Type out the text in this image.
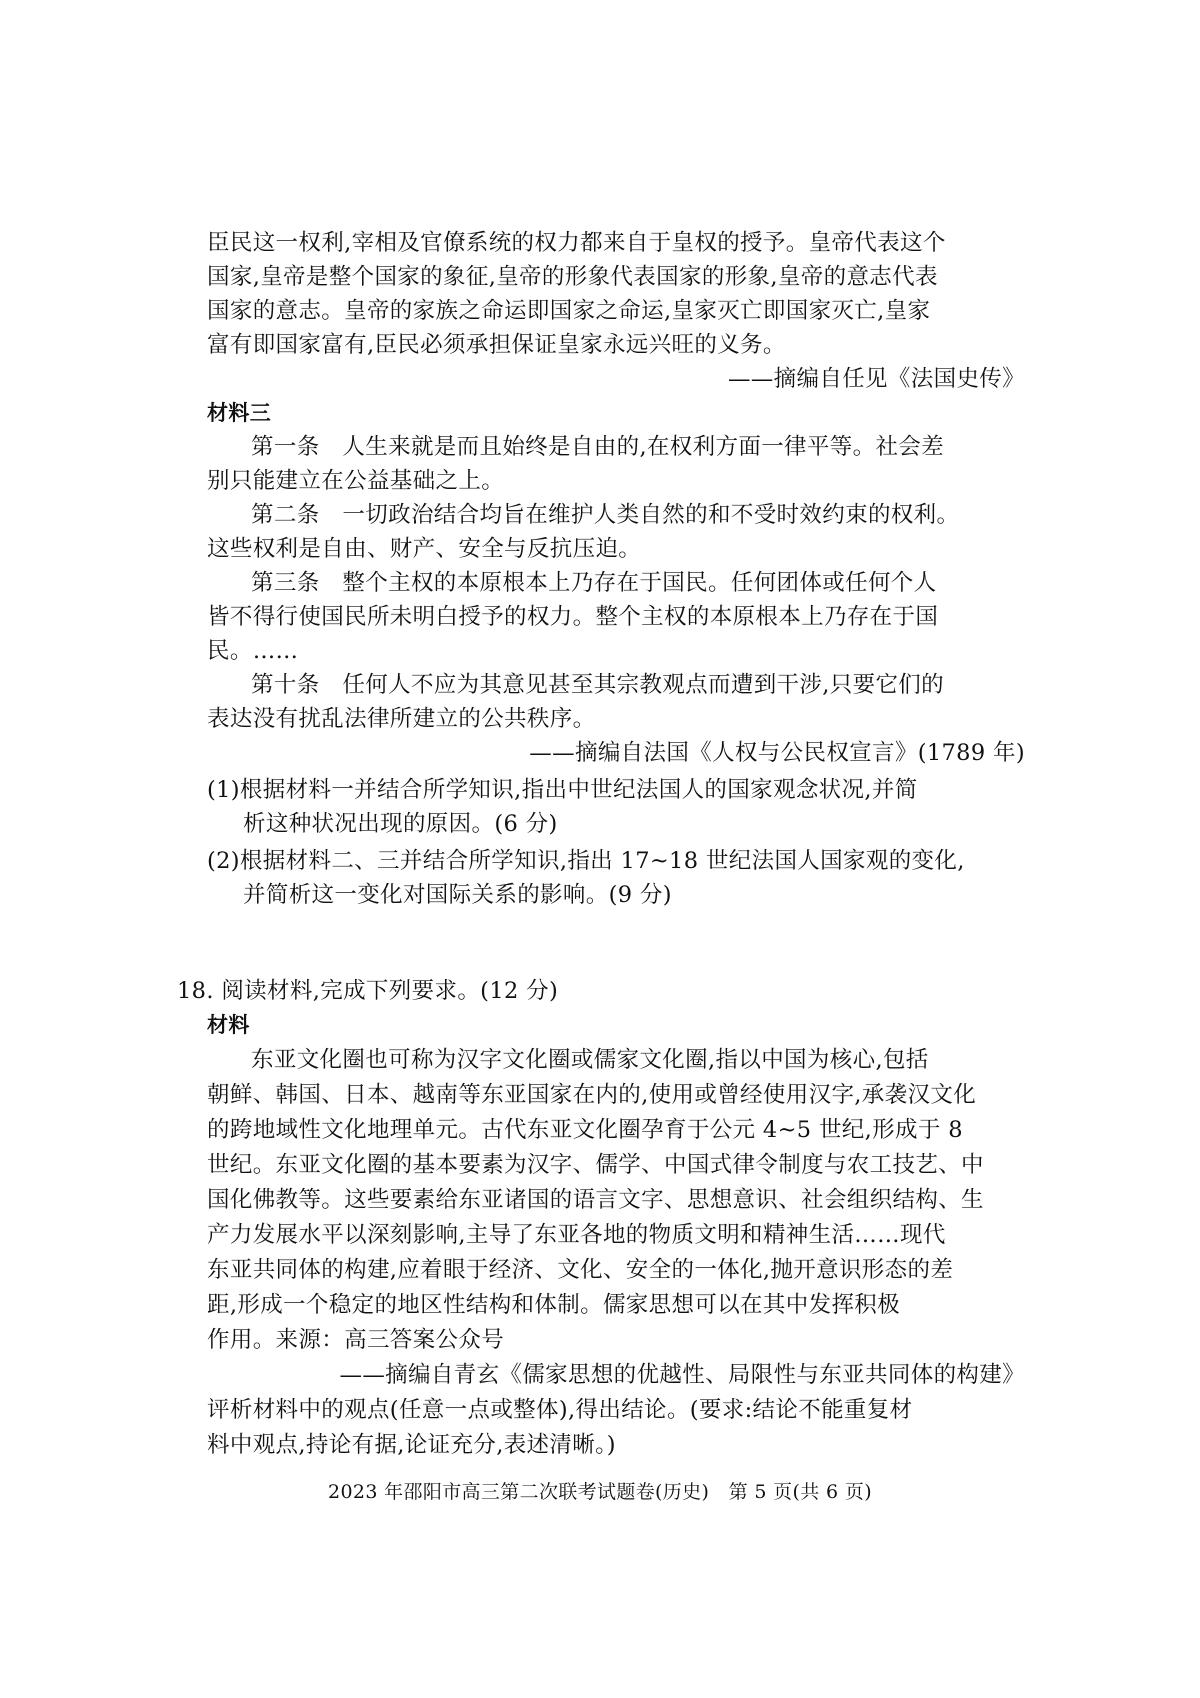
臣民这一权利,宰相及官僚系统的权力都来自于皇权的授予。皇帝代表这个
国家,皇帝是整个国家的象征,皇帝的形象代表国家的形象,皇帝的意志代表
国家的意志。皇帝的家族之命运即国家之命运,皇家灭亡即国家灭亡,皇家
富有即国家富有,臣民必须承担保证皇家永远兴旺的义务。
——摘编自任见《法国史传》
材料三
第一条　人生来就是而且始终是自由的,在权利方面一律平等。社会差
别只能建立在公益基础之上。
第二条　一切政治结合均旨在维护人类自然的和不受时效约束的权利。
这些权利是自由、财产、安全与反抗压迫。
第三条　整个主权的本原根本上乃存在于国民。任何团体或任何个人
皆不得行使国民所未明白授予的权力。整个主权的本原根本上乃存在于国
民。……
第十条　任何人不应为其意见甚至其宗教观点而遭到干涉,只要它们的
表达没有扰乱法律所建立的公共秩序。
——摘编自法国《人权与公民权宣言》(1789 年)
(1)根据材料一并结合所学知识,指出中世纪法国人的国家观念状况,并简
析这种状况出现的原因。(6 分)
(2)根据材料二、三并结合所学知识,指出 17~18 世纪法国人国家观的变化,
并简析这一变化对国际关系的影响。(9 分)
18. 阅读材料,完成下列要求。(12 分)
材料
东亚文化圈也可称为汉字文化圈或儒家文化圈,指以中国为核心,包括
朝鲜、韩国、日本、越南等东亚国家在内的,使用或曾经使用汉字,承袭汉文化
的跨地域性文化地理单元。古代东亚文化圈孕育于公元 4~5 世纪,形成于 8
世纪。东亚文化圈的基本要素为汉字、儒学、中国式律令制度与农工技艺、中
国化佛教等。这些要素给东亚诸国的语言文字、思想意识、社会组织结构、生
产力发展水平以深刻影响,主导了东亚各地的物质文明和精神生活……现代
东亚共同体的构建,应着眼于经济、文化、安全的一体化,抛开意识形态的差
距,形成一个稳定的地区性结构和体制。儒家思想可以在其中发挥积极
作用。来源：高三答案公众号
——摘编自青玄《儒家思想的优越性、局限性与东亚共同体的构建》
评析材料中的观点(任意一点或整体),得出结论。(要求:结论不能重复材
料中观点,持论有据,论证充分,表述清晰。)
2023 年邵阳市高三第二次联考试题卷(历史)　第 5 页(共 6 页)
